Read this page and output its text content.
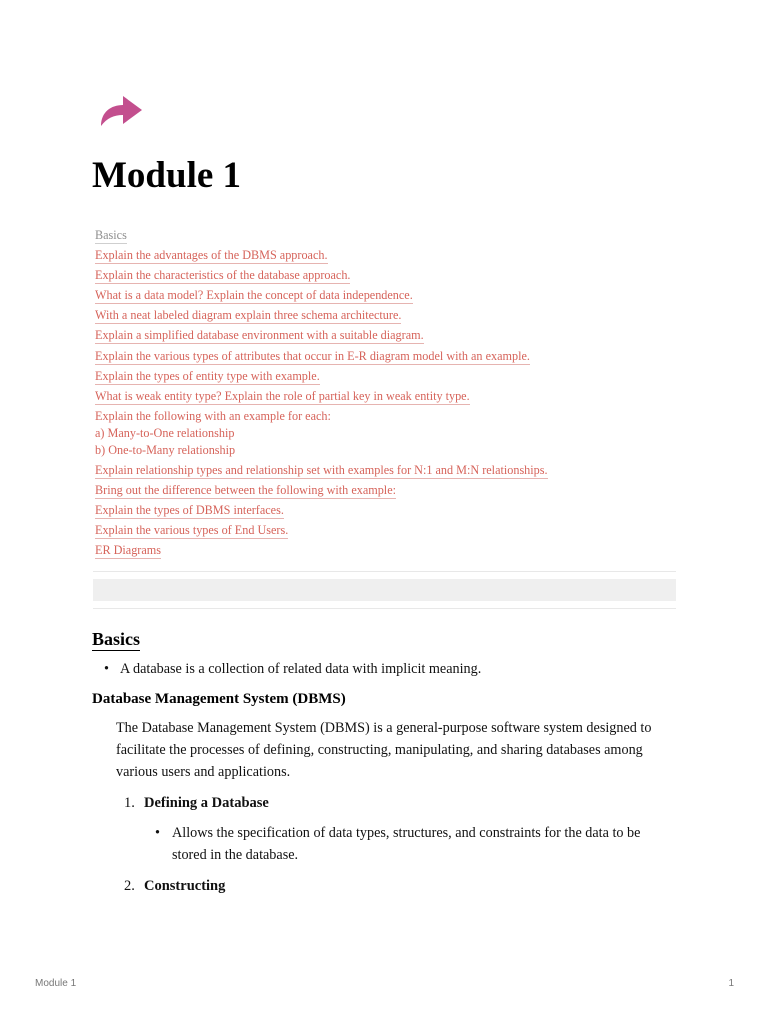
Module 1
Basics
Explain the advantages of the DBMS approach.
Explain the characteristics of the database approach.
What is a data model? Explain the concept of data independence.
With a neat labeled diagram explain three schema architecture.
Explain a simplified database environment with a suitable diagram.
Explain the various types of attributes that occur in E-R diagram model with an example.
Explain the types of entity type with example.
What is weak entity type? Explain the role of partial key in weak entity type.
Explain the following with an example for each:
a) Many-to-One relationship
b) One-to-Many relationship
Explain relationship types and relationship set with examples for N:1 and M:N relationships.
Bring out the difference between the following with example:
Explain the types of DBMS interfaces.
Explain the various types of End Users.
ER Diagrams
Basics
• A database is a collection of related data with implicit meaning.
Database Management System (DBMS)

The Database Management System (DBMS) is a general-purpose software system designed to facilitate the processes of defining, constructing, manipulating, and sharing databases among various users and applications.

1. Defining a Database
• Allows the specification of data types, structures, and constraints for the data to be stored in the database.
2. Constructing
Module 1	1
